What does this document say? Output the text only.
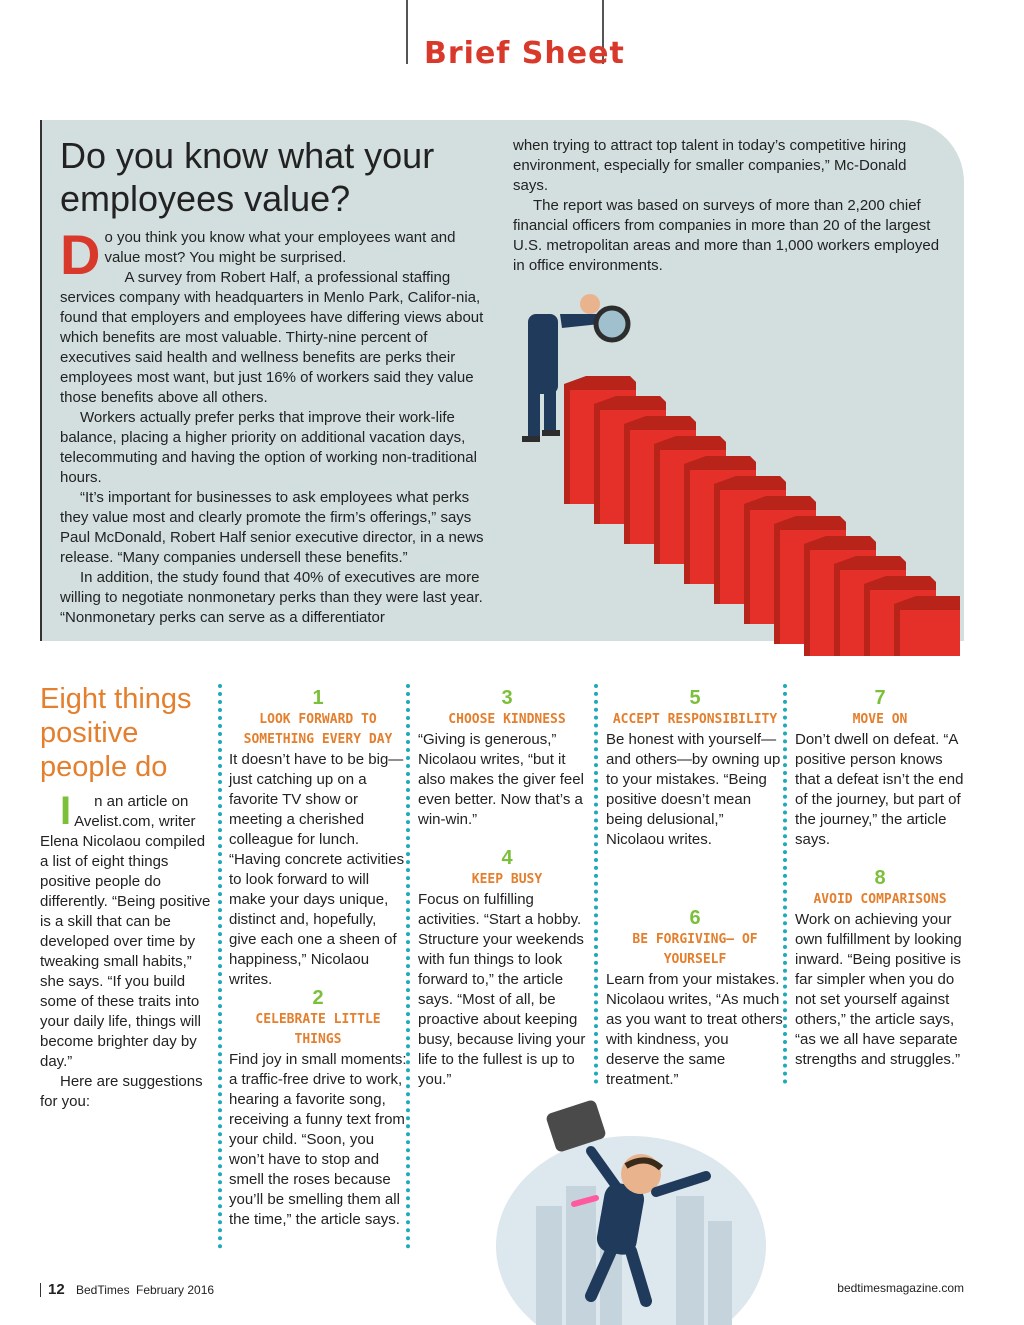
Brief Sheet
Do you know what your employees value?

Do you think you know what your employees want and value most? You might be surprised.

A survey from Robert Half, a professional staffing services company with headquarters in Menlo Park, Califor-nia, found that employers and employees have differing views about which benefits are most valuable. Thirty-nine percent of executives said health and wellness benefits are perks their employees most want, but just 16% of workers said they value those benefits above all others.

Workers actually prefer perks that improve their work-life balance, placing a higher priority on additional vacation days, telecommuting and having the option of working non-traditional hours.

“It’s important for businesses to ask employees what perks they value most and clearly promote the firm’s offerings,” says Paul McDonald, Robert Half senior executive director, in a news release. “Many companies undersell these benefits.”

In addition, the study found that 40% of executives are more willing to negotiate nonmonetary perks than they were last year. “Nonmonetary perks can serve as a differentiator

when trying to attract top talent in today’s competitive hiring environment, especially for smaller companies,” Mc-Donald says.

The report was based on surveys of more than 2,200 chief financial officers from companies in more than 20 of the largest U.S. metropolitan areas and more than 1,000 workers employed in office environments.

Eight things positive people do

I n an article on Avelist.com, writer Elena Nicolaou compiled a list of eight things positive people do differently. “Being positive is a skill that can be developed over time by tweaking small habits,” she says. “If you build some of these traits into your daily life, things will become brighter day by day.”

Here are suggestions for you:

1
LOOK FORWARD TO SOMETHING EVERY DAY

It doesn’t have to be big—just catching up on a favorite TV show or meeting a cherished colleague for lunch. “Having concrete activities to look forward to will make your days unique, distinct and, hopefully, give each one a sheen of happiness,” Nicolaou writes.

2
CELEBRATE LITTLE THINGS

Find joy in small moments: a traffic-free drive to work, hearing a favorite song, receiving a funny text from your child. “Soon, you won’t have to stop and smell the roses because you’ll be smelling them all the time,” the article says.

3
CHOOSE KINDNESS

“Giving is generous,” Nicolaou writes, “but it also makes the giver feel even better. Now that’s a win-win.”

4
KEEP BUSY

Focus on fulfilling activities. “Start a hobby. Structure your weekends with fun things to look forward to,” the article says. “Most of all, be proactive about keeping busy, because living your life to the fullest is up to you.”

5
ACCEPT RESPONSIBILITY

Be honest with yourself—and others—by owning up to your mistakes. “Being positive doesn’t mean being delusional,” Nicolaou writes.

6
BE FORGIVING— OF YOURSELF

Learn from your mistakes. Nicolaou writes, “As much as you want to treat others with kindness, you deserve the same treatment.”

7
MOVE ON

Don’t dwell on defeat. “A positive person knows that a defeat isn’t the end of the journey, but part of the journey,” the article says.

8
AVOID COMPARISONS

Work on achieving your own fulfillment by looking inward. “Being positive is far simpler when you do not set yourself against others,” the article says, “as we all have separate strengths and struggles.”

12 BedTimes February 2016	bedtimesmagazine.com
